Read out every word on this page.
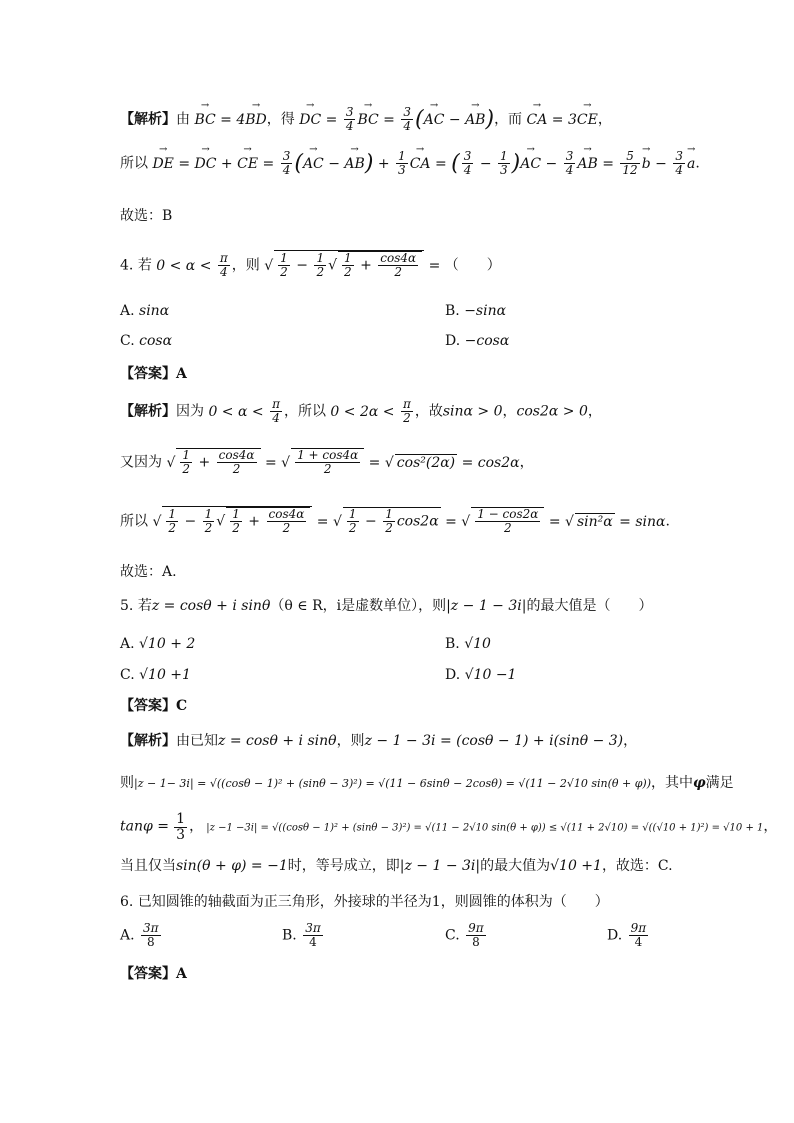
【解析】由 → BC = 4→ BD，得 → DC = $\frac{3}{4}$
→ BC = $\frac{3}{4}$ (→ AC − → AB)，而 → CA = 3→ CE，
所以 → DE = → DC + → CE = $\frac{3}{4}$ (→ AC − → $AB) + \frac{1}{3}$
→ CA = ( $\frac{3}{4} - \frac{1}{3}$ )→ AC − $\frac{3}{4}$
→ AB = $\frac{5}{12}$
→ $b - \frac{3}{4}$
→ a.
故选：B
4. 若 $0 < \alpha < \frac{\pi}{4}$ ，则 √ $\frac{1}{2} - \frac{1}{2}$ √ $\frac{1}{2} + \frac{\cos 4\alpha}{2}$ = （　　）
A. sinα	B. −sinα
C. cosα	D. −cosα
【答案】A
【解析】因为 $0 < \alpha < \frac{\pi}{4}$ ，所以 $0 < 2\alpha < \frac{\pi}{2}$ ，故sinα > 0，cos2α > 0，
又因为 √ $\frac{1}{2} + \frac{\cos 4\alpha}{2}$ = √ $\frac{1 + \cos 4\alpha}{2}$ = √ cos²(2α) = cos2α，
所以 √ $\frac{1}{2} - \frac{1}{2}$ √ $\frac{1}{2} + \frac{\cos 4\alpha}{2}$ = √ $\frac{1}{2} - \frac{1}{2} \cos 2\alpha$ = √ $\frac{1 - \cos 2\alpha}{2}$ = √ sin²α = sinα.
故选：A.
5. 若z = cosθ + i sinθ（θ ∈ R，i是虚数单位），则|z − 1 − 3i|的最大值是（　　）
A. √10 + 2	B. √10
C. √10 +1	D. √10 −1
【答案】C
【解析】由已知z = cosθ + i sinθ，则z − 1 − 3i = (cosθ − 1) + i(sinθ − 3)，
则|z − 1− 3i| = √((cosθ − 1)² + (sinθ − 3)²) = √(11 − 6sinθ − 2cosθ) = √(11 − 2√10 sin(θ + φ))，其中φ满足
$\tan\varphi = \frac{1}{3}$ ， |z −1 −3i| = √((cosθ − 1)² + (sinθ − 3)²) = √(11 − 2√10 sin(θ + φ)) ≤ √(11 + 2√10) = √((√10 + 1)²) = √10 + 1，
当且仅当sin(θ + φ) = −1时，等号成立，即|z − 1 − 3i|的最大值为√10 +1，故选：C.
6. 已知圆锥的轴截面为正三角形，外接球的半径为1，则圆锥的体积为（　　）
A. $\frac{3\pi}{8}$	B. $\frac{3\pi}{4}$	C. $\frac{9\pi}{8}$	D. $\frac{9\pi}{4}$
【答案】A
